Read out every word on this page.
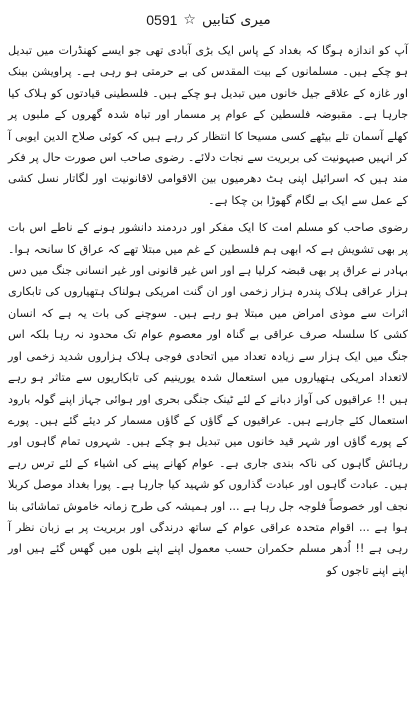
میری کتابیں
☆
0591

آپ کو اندازہ ہوگا کہ بغداد کے پاس ایک بڑی آبادی تھی جو ایسے کھنڈرات میں تبدیل ہو چکے ہیں۔ مسلمانوں کے بیت المقدس کی بے حرمتی ہو رہی ہے۔ پراویشن بینک اور غازہ کے علاقے جیل خانوں میں تبدیل ہو چکے ہیں۔ فلسطینی قیادتوں کو ہلاک کیا جارہا ہے۔ مقبوضہ فلسطین کے عوام پر مسمار اور تباہ شدہ گھروں کے ملبوں پر کھلے آسمان تلے بیٹھے کسی مسیحا کا انتظار کر رہے ہیں کہ کوئی صلاح الدین ایوبی آ کر انہیں صیہونیت کی بربریت سے نجات دلائے۔ رضوی صاحب اس صورت حال پر فکر مند ہیں کہ اسرائیل اپنی ہٹ دھرمیوں بین الاقوامی لاقانونیت اور لگاتار نسل کشی کے عمل سے ایک بے لگام گھوڑا بن چکا ہے۔

رضوی صاحب کو مسلم امت کا ایک مفکر اور دردمند دانشور ہونے کے ناطے اس بات پر بھی تشویش ہے کہ ابھی ہم فلسطین کے غم میں مبتلا تھے کہ عراق کا سانحہ ہوا۔ بہادر نے عراق پر بھی قبضہ کرلیا ہے اور اس غیر قانونی اور غیر انسانی جنگ میں دس ہزار عراقی ہلاک پندرہ ہزار زخمی اور ان گنت امریکی ہولناک ہتھیاروں کی تابکاری اثرات سے موذی امراض میں مبتلا ہو رہے ہیں۔ سوچنے کی بات یہ ہے کہ انسان کشی کا سلسلہ صرف عراقی بے گناہ اور معصوم عوام تک محدود نہ رہا بلکہ اس جنگ میں ایک ہزار سے زیادہ تعداد میں اتحادی فوجی ہلاک ہزاروں شدید زخمی اور لاتعداد امریکی ہتھیاروں میں استعمال شدہ یورینیم کی تابکاریوں سے متاثر ہو رہے ہیں !! عراقیوں کی آواز دبانے کے لئے ٹینک جنگی بحری اور ہوائی جہاز اپنے گولہ بارود استعمال کئے جارہے ہیں۔ عراقیوں کے گاؤں کے گاؤں مسمار کر دیئے گئے ہیں۔ پورے کے پورے گاؤں اور شہر قید خانوں میں تبدیل ہو چکے ہیں۔ شہروں تمام گاہوں اور رہائش گاہوں کی ناکہ بندی جاری ہے۔ عوام کھانے پینے کی اشیاء کے لئے ترس رہے ہیں۔ عبادت گاہوں اور عبادت گذاروں کو شہید کیا جارہا ہے۔ پورا بغداد موصل کربلا نجف اور خصوصاً فلوجہ جل رہا ہے ... اور ہمیشہ کی طرح زمانہ خاموش تماشائی بنا ہوا ہے ... اقوام متحدہ عراقی عوام کے ساتھ درندگی اور بربریت پر بے زبان نظر آ رہی ہے !! اُدھر مسلم حکمران حسب معمول اپنے اپنے بلوں میں گھس گئے ہیں اور اپنے اپنے تاجوں کو
